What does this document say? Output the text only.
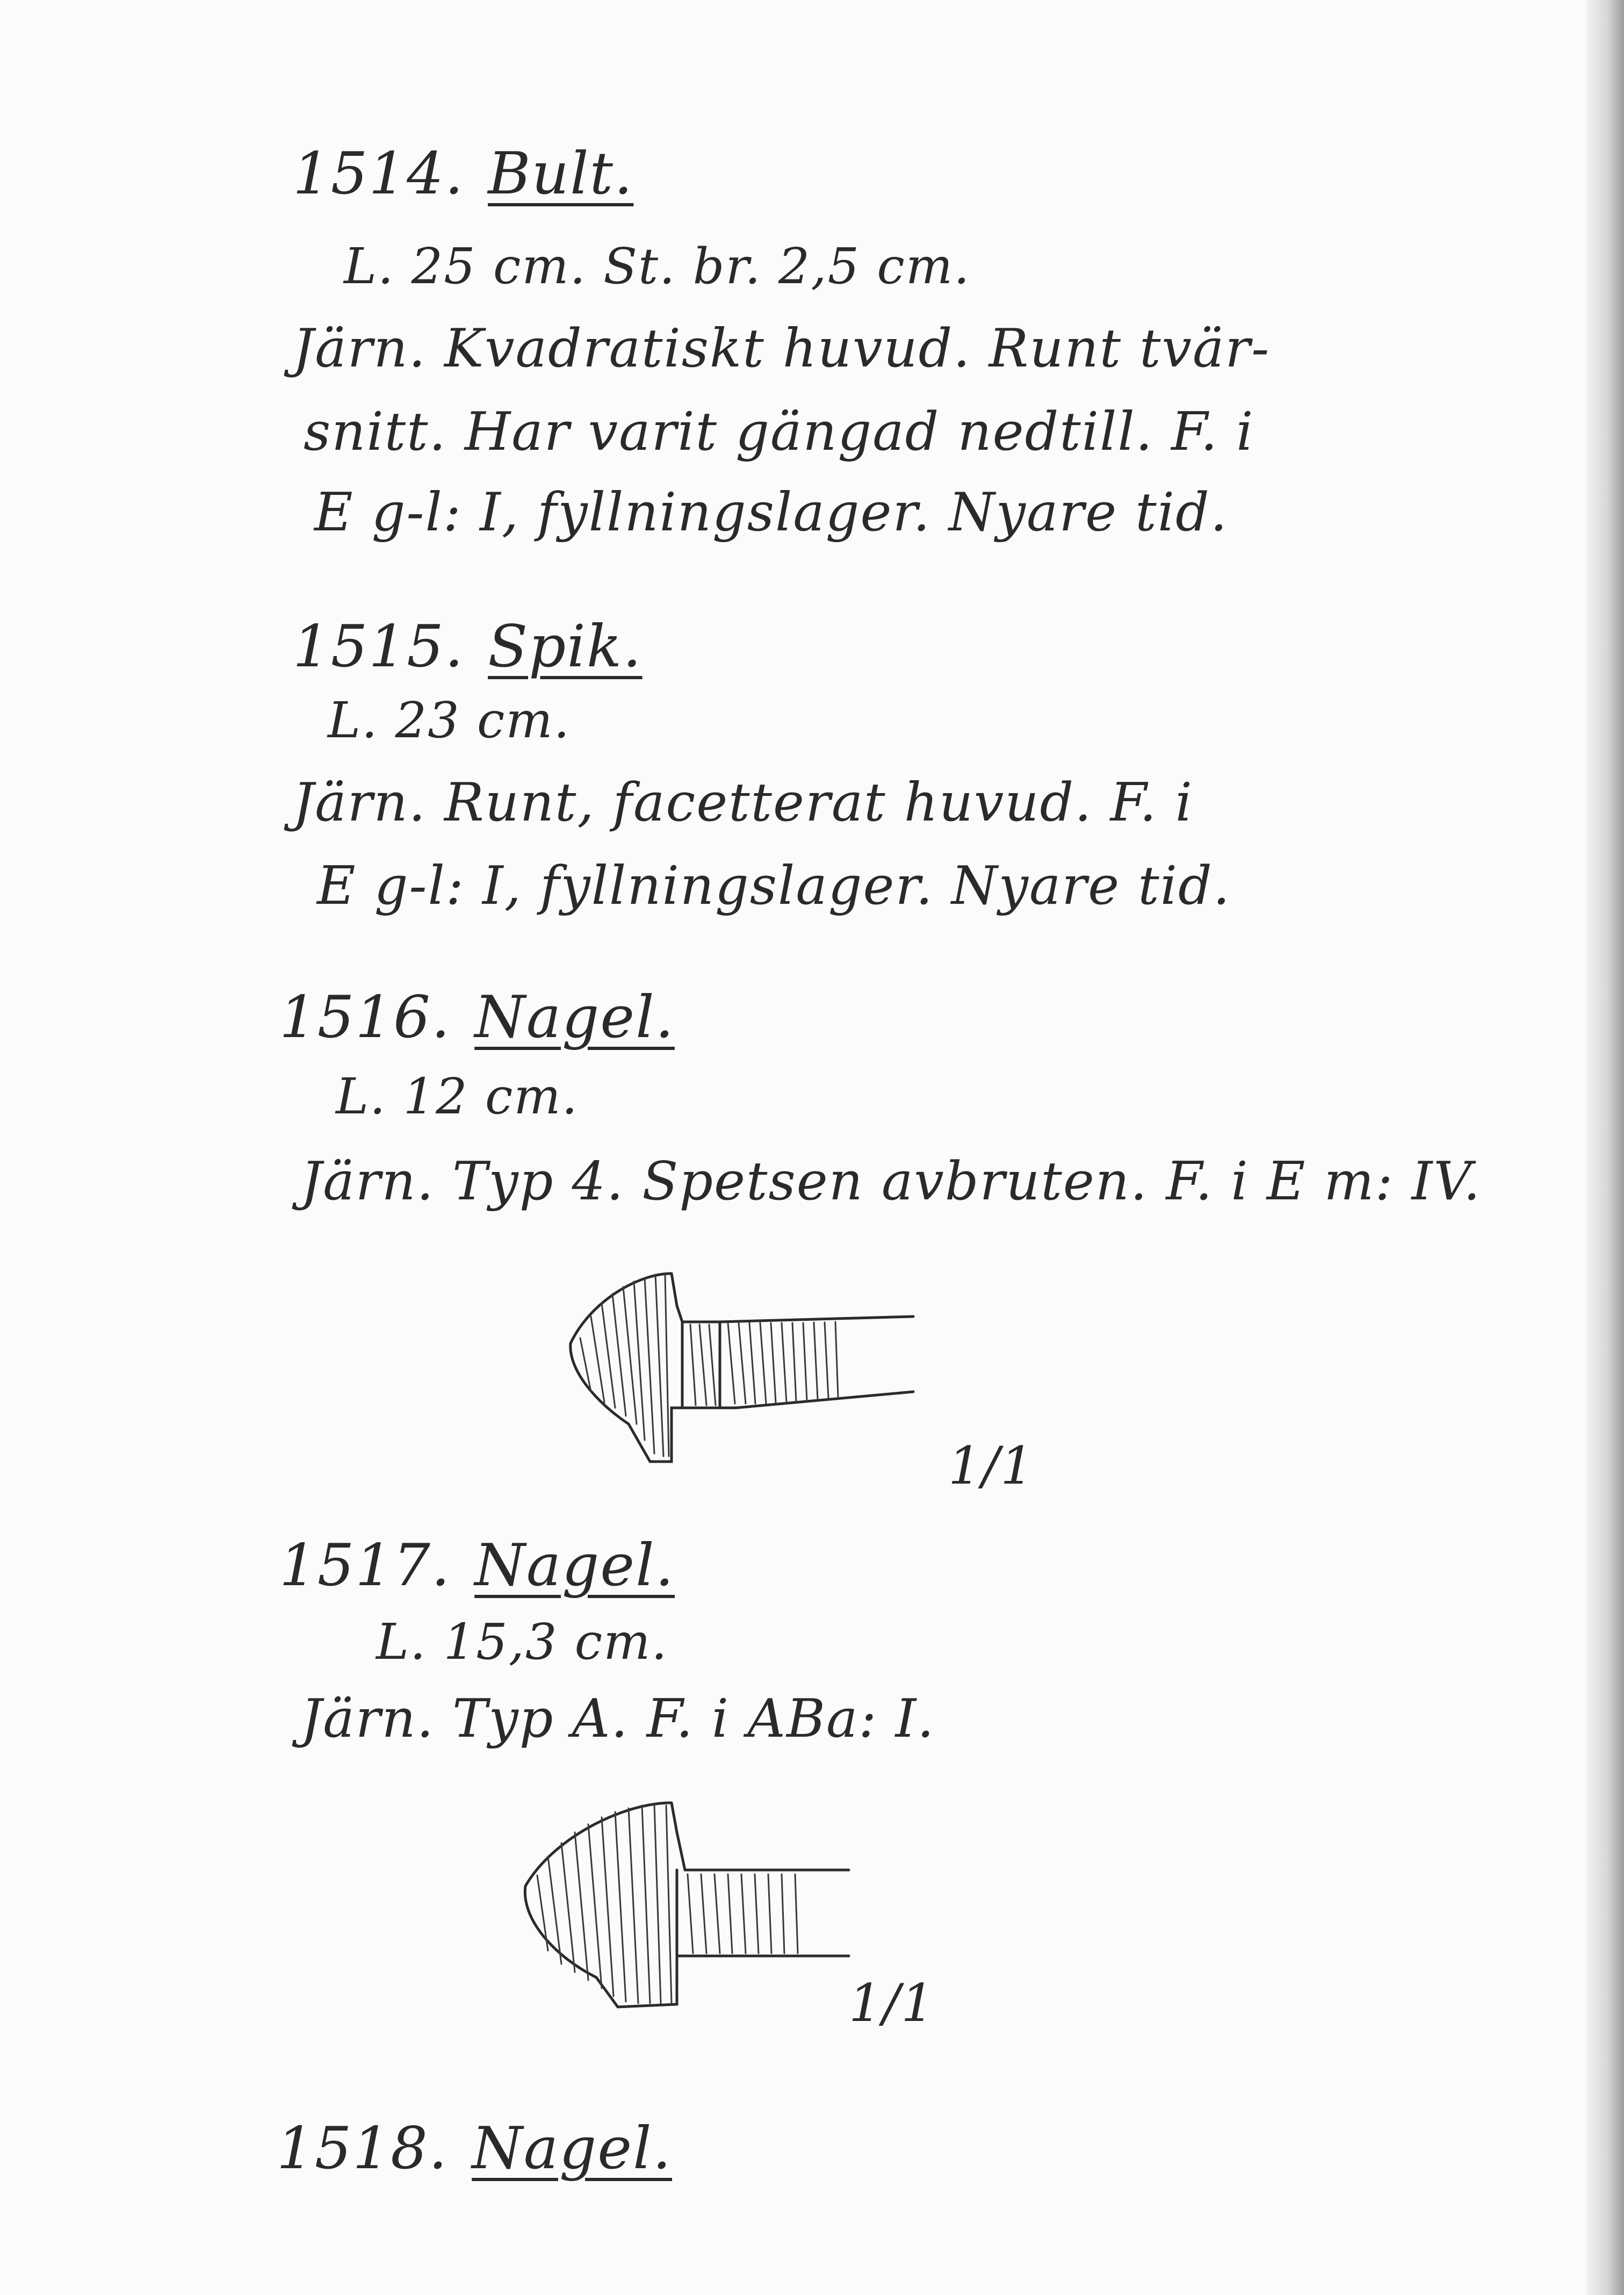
1514. Bult.
L. 25 cm. St. br. 2,5 cm.
Järn. Kvadratiskt huvud. Runt tvär-
snitt. Har varit gängad nedtill. F. i
E g-l: I, fyllningslager. Nyare tid.
1515. Spik.
L. 23 cm.
Järn. Runt, facetterat huvud. F. i
E g-l: I, fyllningslager. Nyare tid.
1516. Nagel.
L. 12 cm.
Järn. Typ 4. Spetsen avbruten. F. i E m: IV.
1/1
1517. Nagel.
L. 15,3 cm.
Järn. Typ A. F. i ABa: I.
1/1
1518. Nagel.
